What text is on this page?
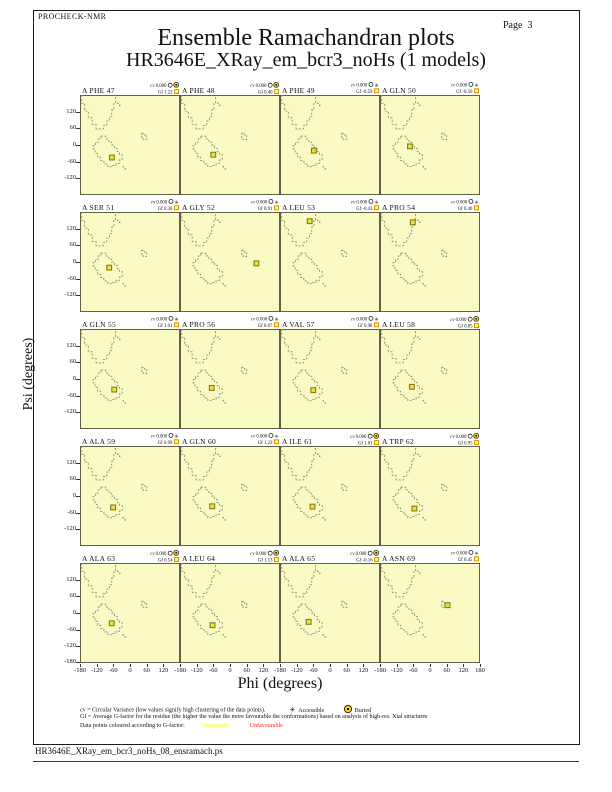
PROCHECK-NMR
Page  3
Ensemble Ramachandran plots
HR3646E_XRay_em_bcr3_noHs (1 models)
A PHE 47	cv 0.000
Gf 1.22	A PHE 48	cv 0.000
Gf 0.40	A PHE 49
cv 0.000 ✳
Gf -0.59	A GLN 50
cv 0.000 ✳
Gf -0.56
A SER 51
cv 0.000 ✳
Gf 0.30	A GLY 52
cv 0.000 ✳
Gf 0.91	A LEU 53
cv 0.000 ✳
Gf -0.43	A PRO 54
cv 0.000 ✳
Gf 0.40
A GLN 55
cv 0.000 ✳
Gf 1.01	A PRO 56
cv 0.000 ✳
Gf 0.07	A VAL 57
cv 0.000 ✳
Gf 0.98	A LEU 58	cv 0.000
Gf 0.85
A ALA 59
cv 0.000 ✳
Gf 0.99	A GLN 60
cv 0.000 ✳
Gf 1.23	A ILE 61	cv 0.000
Gf 1.01	A TRP 62	cv 0.000
Gf 0.95
A ALA 63	cv 0.000
Gf 0.54	A LEU 64	cv 0.000
Gf 1.13	A ALA 65	cv 0.000
Gf -0.16	A ASN 69
cv 0.000 ✳
Gf 0.45
120
60
0
-60
-120
120
60
0
-60
-120
120
60
0
-60
-120
120
60
0
-60
-120
120
60
0
-60
-120
-180
-180 -120 -60	0	60	120 -180 -120 -60	0	60	120 -180 -120 -60	0	60	120 -180 -120 -60	0	60	120	180
Psi (degrees)
Phi (degrees)
cv = Circular Variance (low values signify high clustering of the data points).	✳ Accessible	Buried
Gf = Average G-factor for the residue (the higher the value the more favourable the conformations) based on analysis of high-res. Xtal structures
Data points coloured according to G-factor:	Favourable	Unfavourable
HR3646E_XRay_em_bcr3_noHs_08_ensramach.ps
